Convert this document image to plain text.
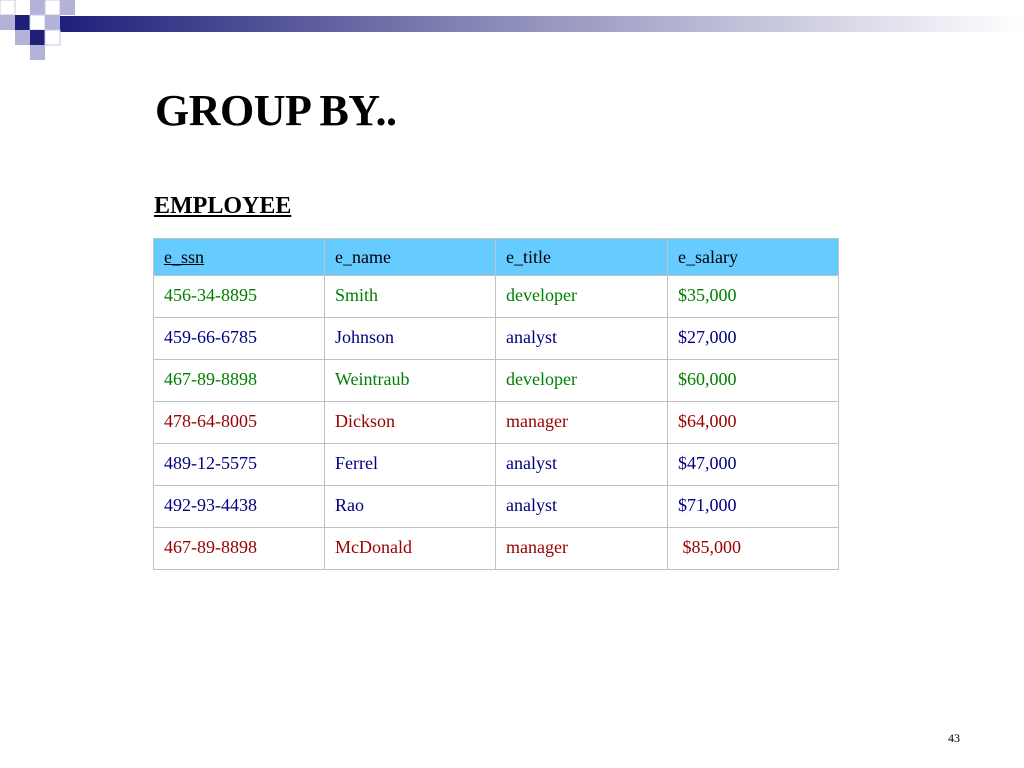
GROUP BY..
EMPLOYEE
e_ssn	e_name	e_title	e_salary
456-34-8895	Smith	developer	$35,000
459-66-6785	Johnson	analyst	$27,000
467-89-8898	Weintraub	developer	$60,000
478-64-8005	Dickson	manager	$64,000
489-12-5575	Ferrel	analyst	$47,000
492-93-4438	Rao	analyst	$71,000
467-89-8898	McDonald	manager	$85,000
43
